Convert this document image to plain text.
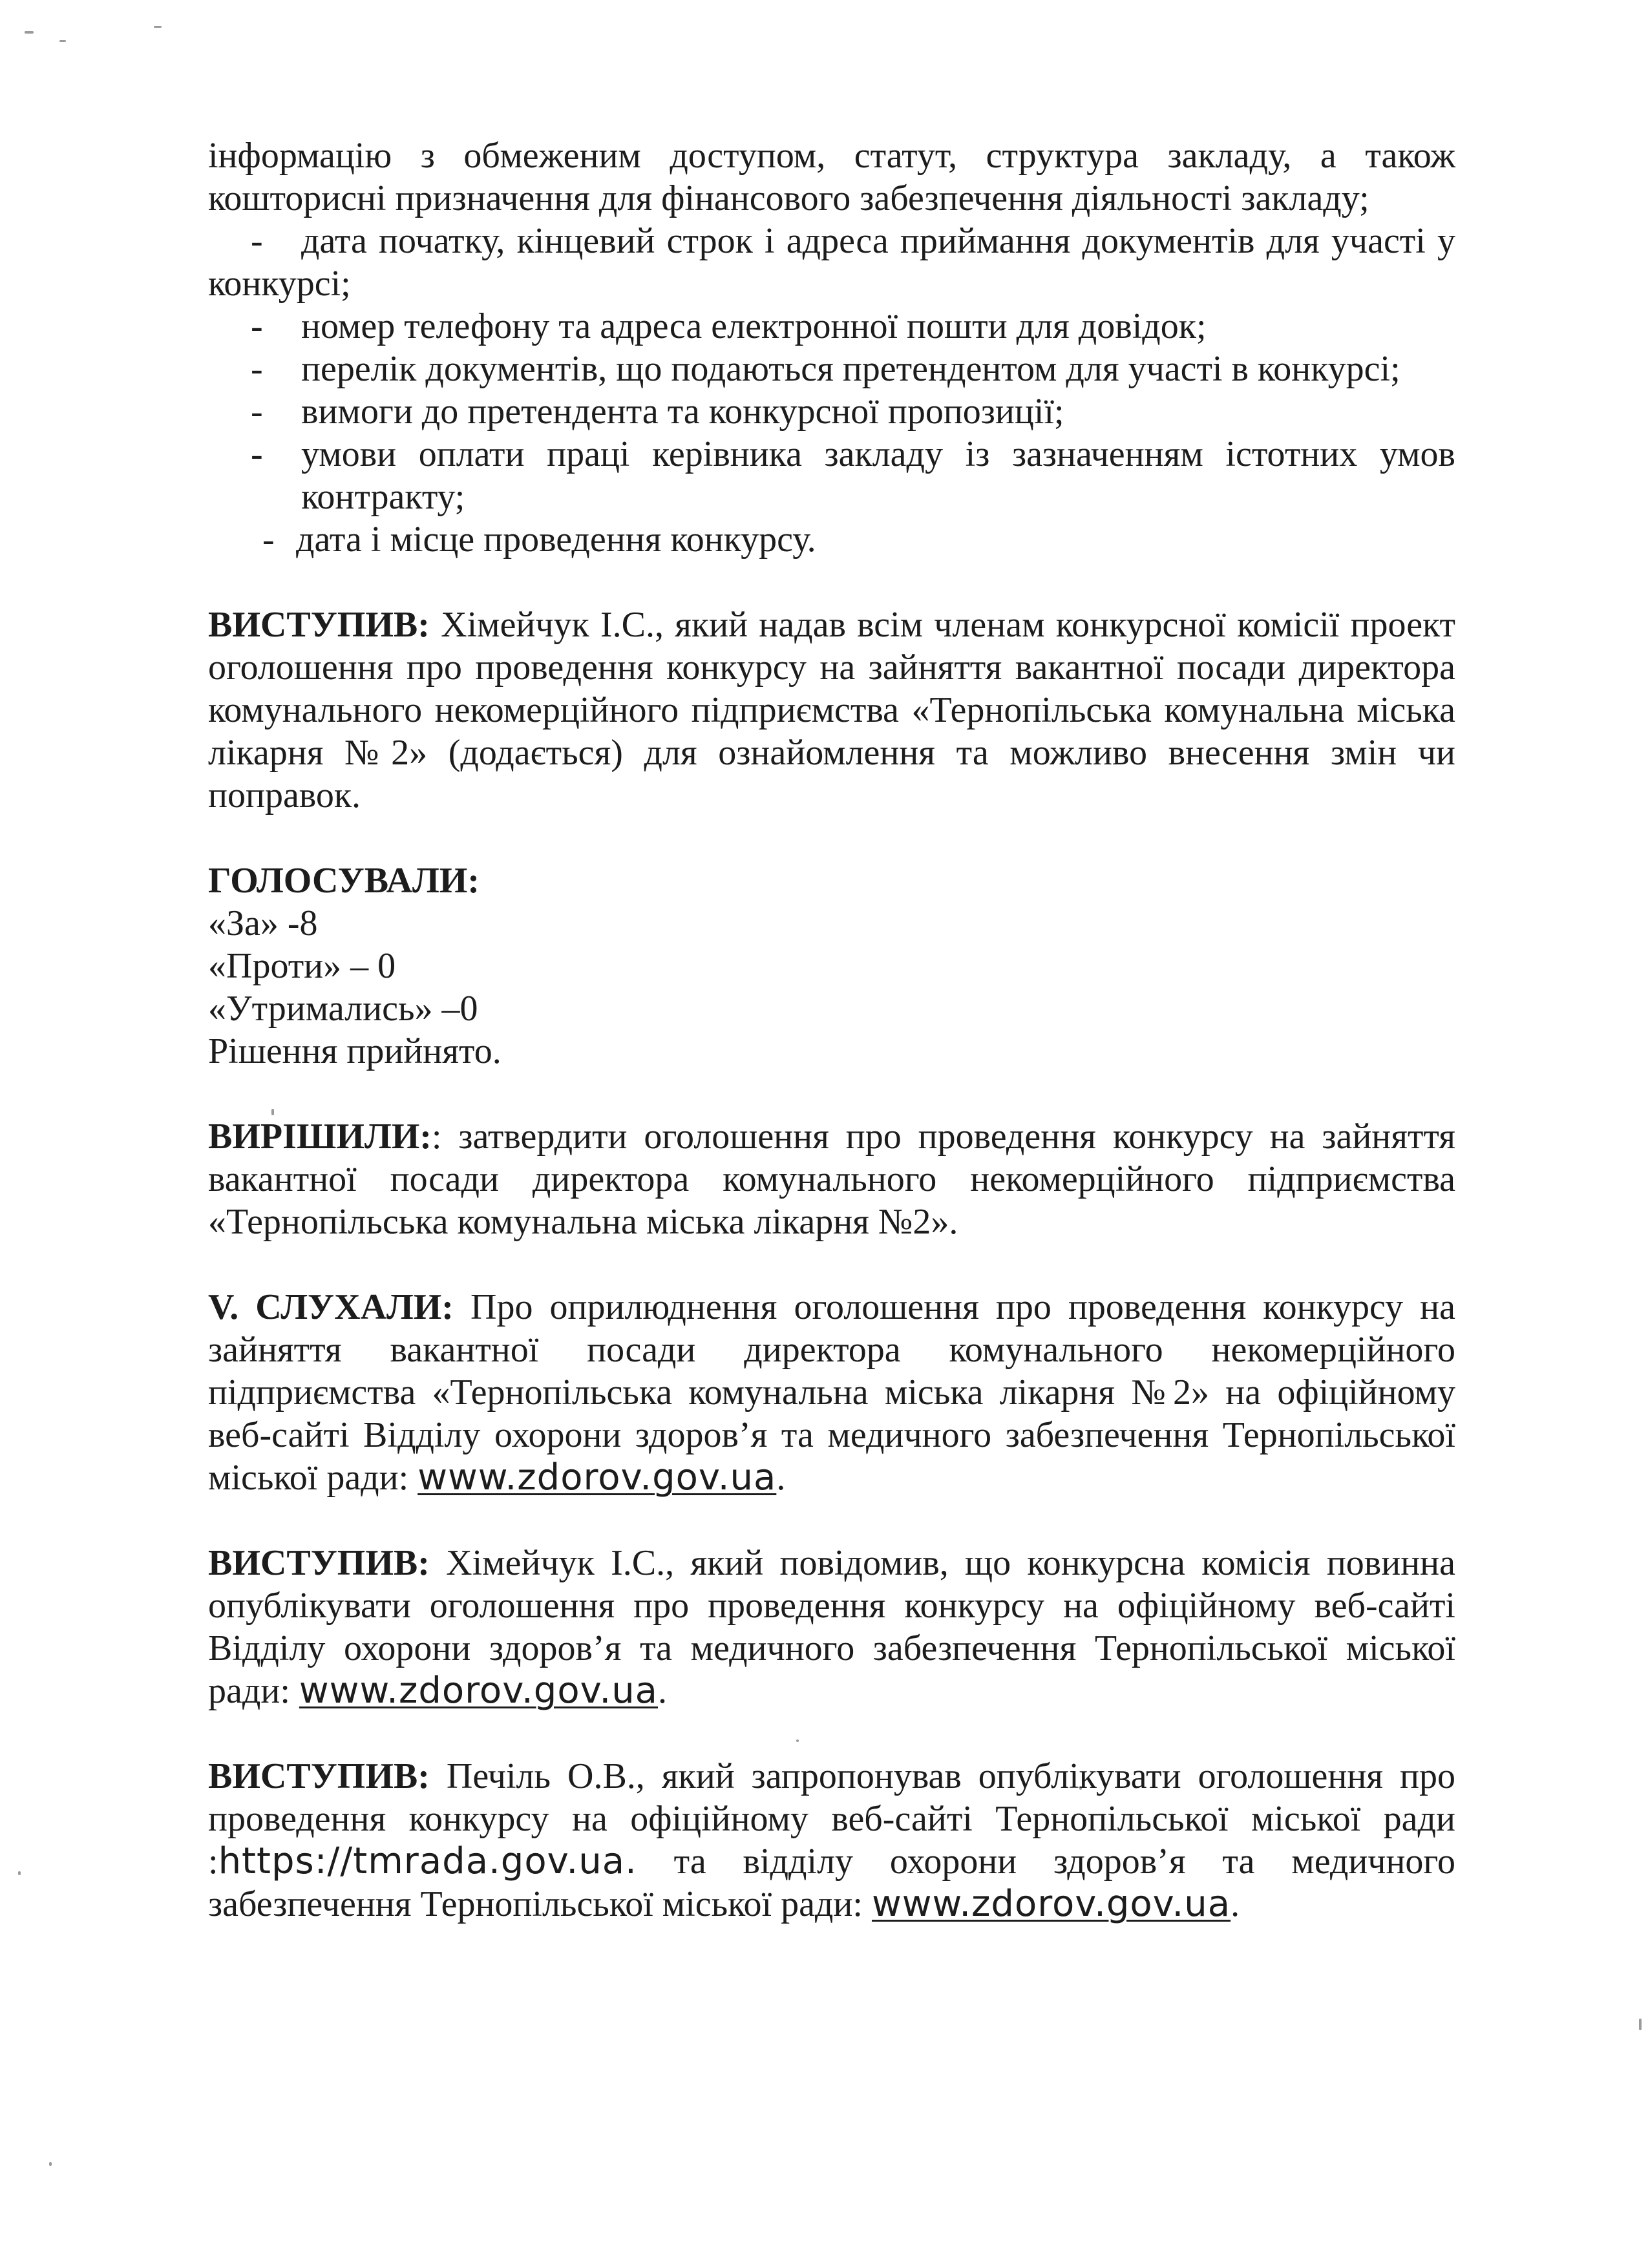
інформацію з обмеженим доступом, статут, структура закладу, а також кошторисні призначення для фінансового забезпечення діяльності закладу;

- дата початку, кінцевий строк і адреса приймання документів для участі у конкурсі;
- номер телефону та адреса електронної пошти для довідок;
- перелік документів, що подаються претендентом для участі в конкурсі;
- вимоги до претендента та конкурсної пропозиції;
- умови оплати праці керівника закладу із зазначенням істотних умов контракту;
- дата і місце проведення конкурсу.

ВИСТУПИВ: Хімейчук І.С., який надав всім членам конкурсної комісії проект оголошення про проведення конкурсу на зайняття вакантної посади директора комунального некомерційного підприємства «Тернопільська комунальна міська лікарня №2» (додається) для ознайомлення та можливо внесення змін чи поправок.

ГОЛОСУВАЛИ:
«За» -8
«Проти» – 0
«Утримались» –0
Рішення прийнято.

ВИРІШИЛИ:: затвердити оголошення про проведення конкурсу на зайняття вакантної посади директора комунального некомерційного підприємства «Тернопільська комунальна міська лікарня №2».

V. СЛУХАЛИ: Про оприлюднення оголошення про проведення конкурсу на зайняття вакантної посади директора комунального некомерційного підприємства «Тернопільська комунальна міська лікарня №2» на офіційному веб-сайті Відділу охорони здоров’я та медичного забезпечення Тернопільської міської ради: www.zdorov.gov.ua.

ВИСТУПИВ: Хімейчук І.С., який повідомив, що конкурсна комісія повинна опублікувати оголошення про проведення конкурсу на офіційному веб-сайті Відділу охорони здоров’я та медичного забезпечення Тернопільської міської ради: www.zdorov.gov.ua.

ВИСТУПИВ: Печіль О.В., який запропонував опублікувати оголошення про проведення конкурсу на офіційному веб-сайті Тернопільської міської ради :https://tmrada.gov.ua. та відділу охорони здоров’я та медичного забезпечення Тернопільської міської ради: www.zdorov.gov.ua.
